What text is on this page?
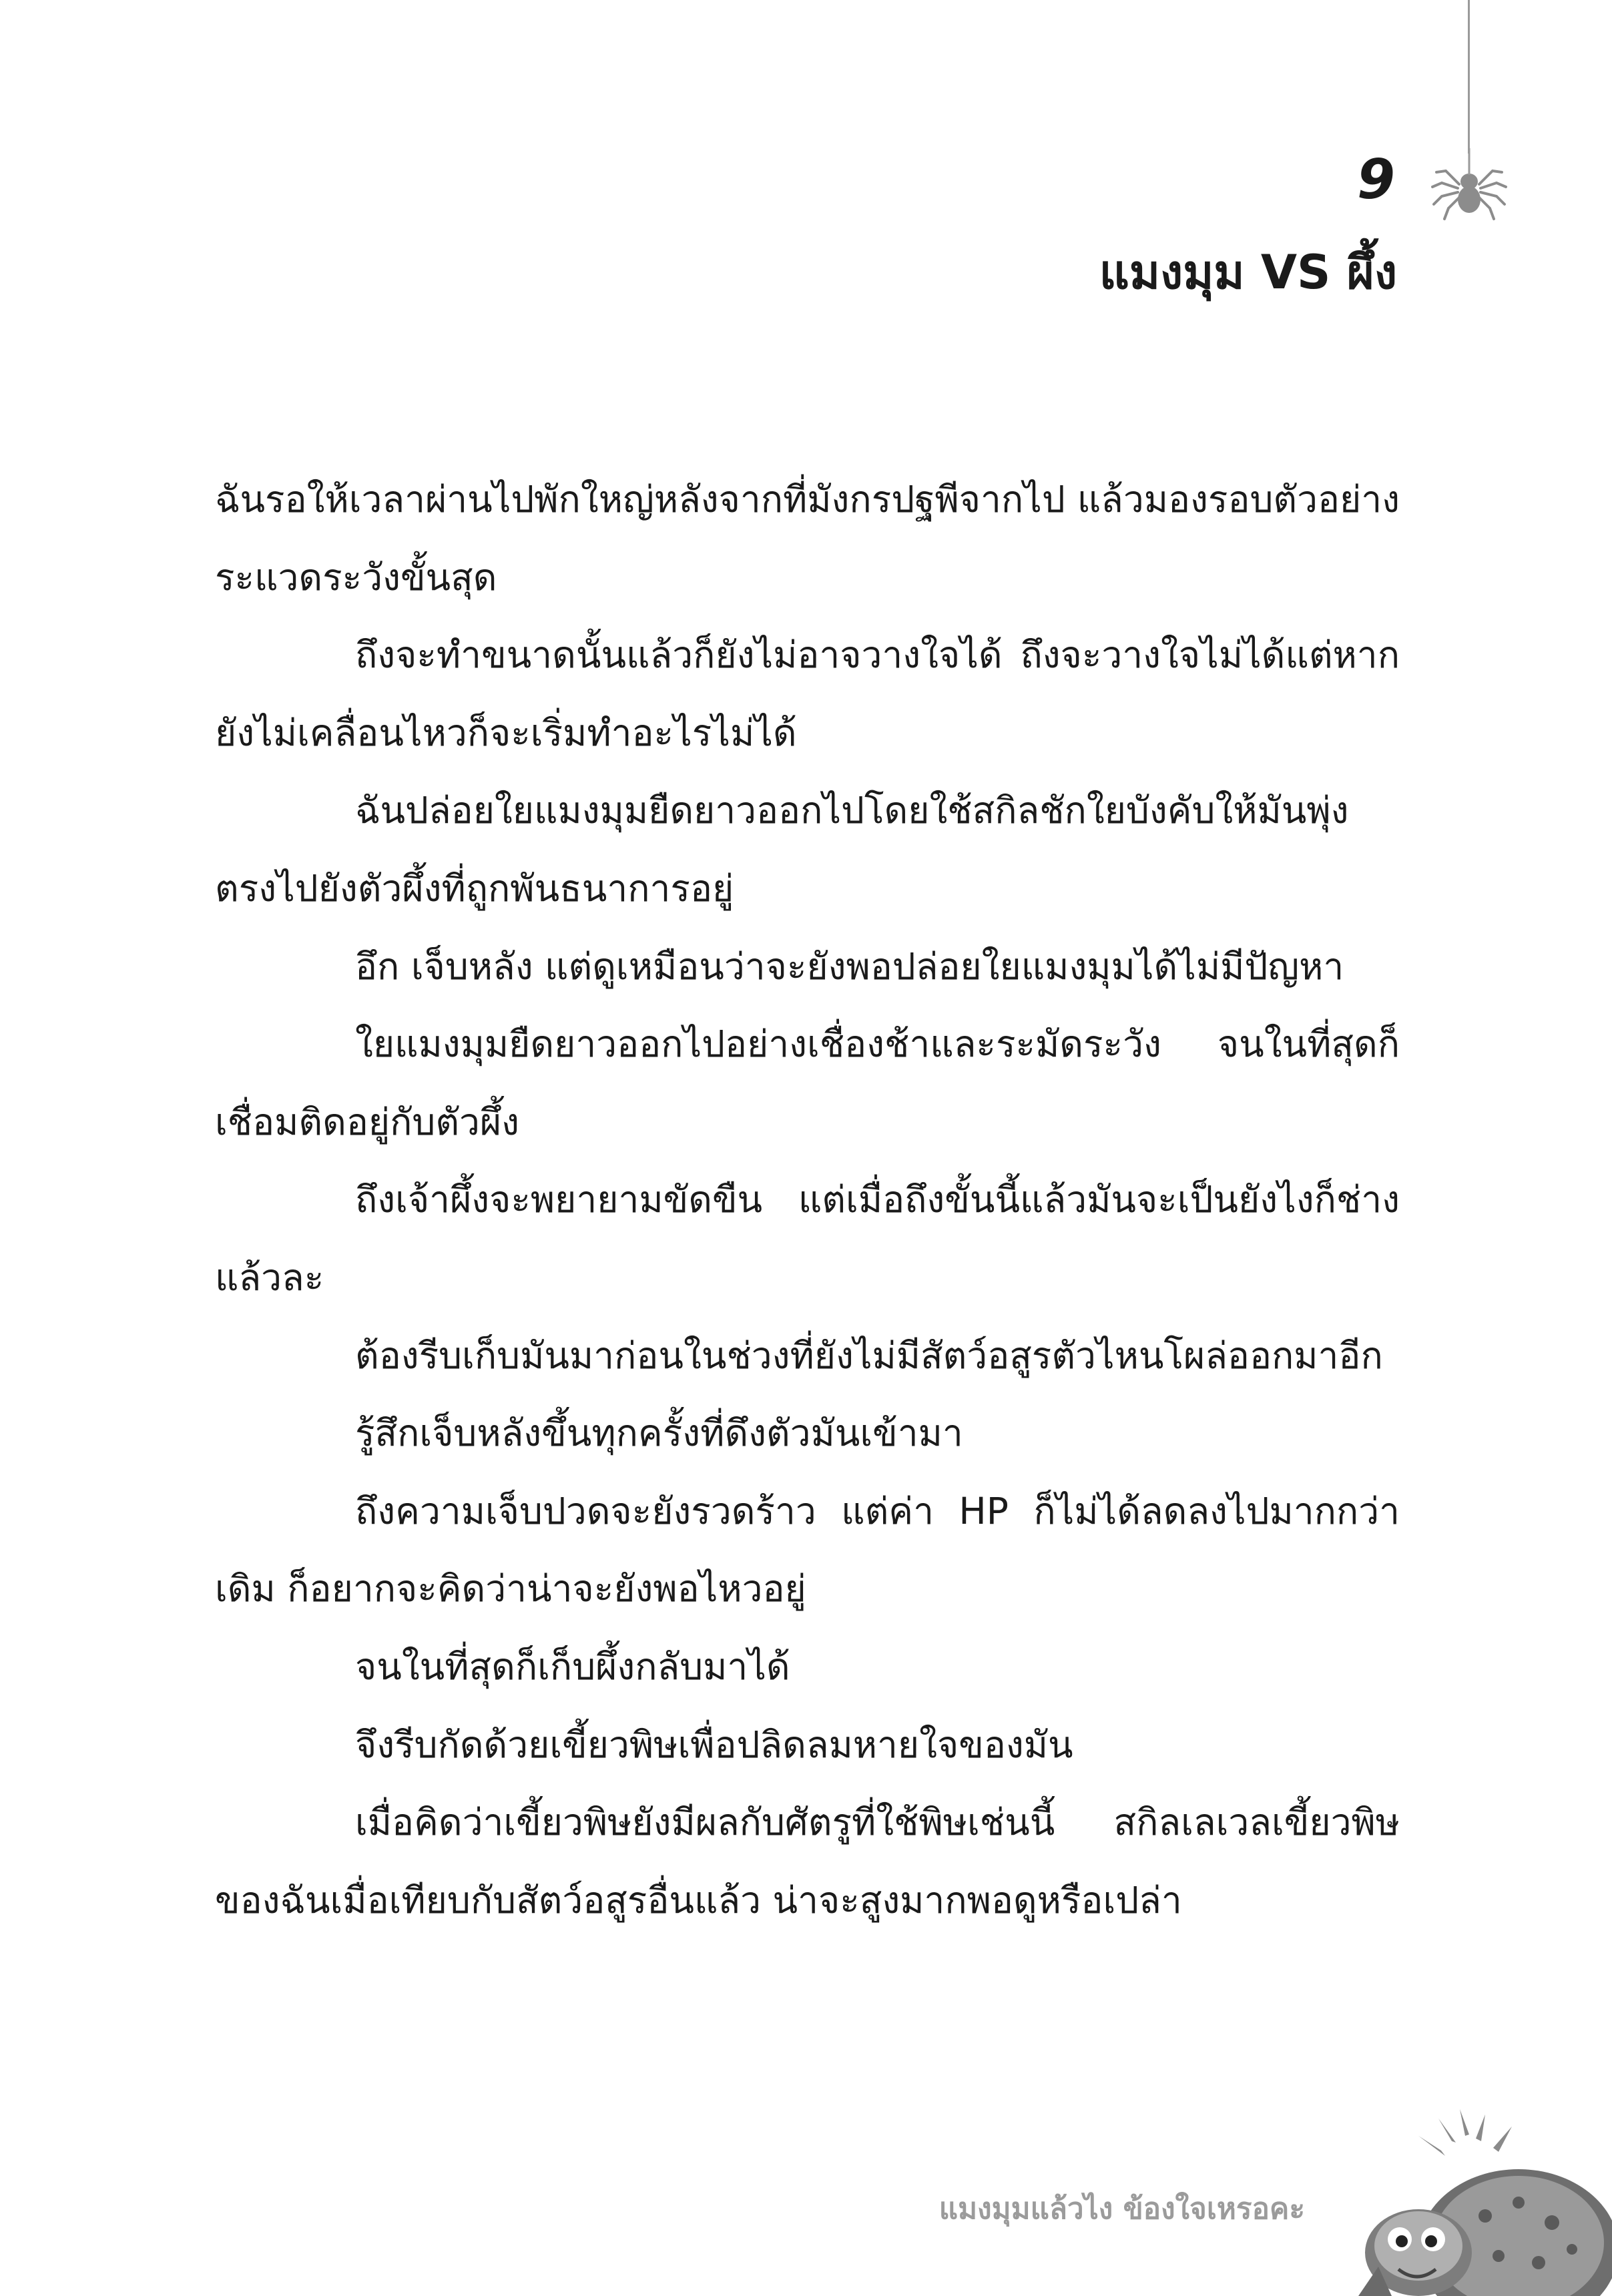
9
แมงมุม VS ผึ้ง

ฉันรอให้เวลาผ่านไปพักใหญ่หลังจากที่มังกรปฐพีจากไป แล้วมองรอบตัวอย่างระแวดระวังขั้นสุด

ถึงจะทำขนาดนั้นแล้วก็ยังไม่อาจวางใจได้ ถึงจะวางใจไม่ได้แต่หากยังไม่เคลื่อนไหวก็จะเริ่มทำอะไรไม่ได้

ฉันปล่อยใยแมงมุมยืดยาวออกไปโดยใช้สกิลชักใยบังคับให้มันพุ่งตรงไปยังตัวผึ้งที่ถูกพันธนาการอยู่

อึก เจ็บหลัง แต่ดูเหมือนว่าจะยังพอปล่อยใยแมงมุมได้ไม่มีปัญหา

ใยแมงมุมยืดยาวออกไปอย่างเชื่องช้าและระมัดระวัง จนในที่สุดก็เชื่อมติดอยู่กับตัวผึ้ง

ถึงเจ้าผึ้งจะพยายามขัดขืน แต่เมื่อถึงขั้นนี้แล้วมันจะเป็นยังไงก็ช่างแล้วละ

ต้องรีบเก็บมันมาก่อนในช่วงที่ยังไม่มีสัตว์อสูรตัวไหนโผล่ออกมาอีก

รู้สึกเจ็บหลังขึ้นทุกครั้งที่ดึงตัวมันเข้ามา

ถึงความเจ็บปวดจะยังรวดร้าว แต่ค่า HP ก็ไม่ได้ลดลงไปมากกว่าเดิม ก็อยากจะคิดว่าน่าจะยังพอไหวอยู่

จนในที่สุดก็เก็บผึ้งกลับมาได้

จึงรีบกัดด้วยเขี้ยวพิษเพื่อปลิดลมหายใจของมัน

เมื่อคิดว่าเขี้ยวพิษยังมีผลกับศัตรูที่ใช้พิษเช่นนี้ สกิลเลเวลเขี้ยวพิษของฉันเมื่อเทียบกับสัตว์อสูรอื่นแล้ว น่าจะสูงมากพอดูหรือเปล่า

แมงมุมแล้วไง ข้องใจเหรอคะ
